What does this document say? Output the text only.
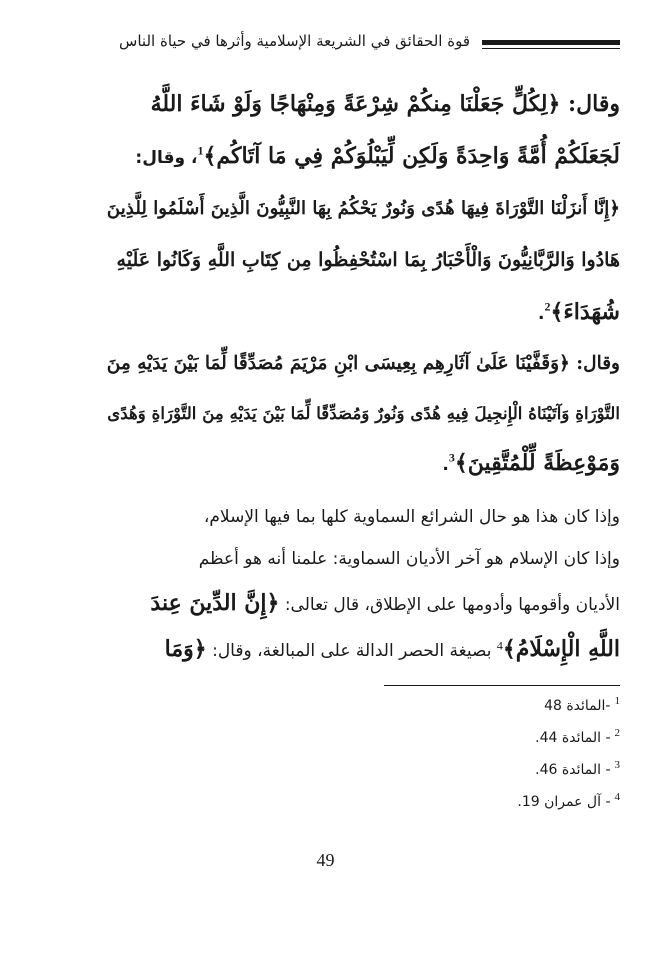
قوة الحقائق في الشريعة الإسلامية وأثرها في حياة الناس
وقال: ﴿لِكُلٍّ جَعَلْنَا مِنكُمْ شِرْعَةً وَمِنْهَاجًا وَلَوْ شَاءَ اللَّهُ
لَجَعَلَكُمْ أُمَّةً وَاحِدَةً وَلَكِن لِّيَبْلُوَكُمْ فِي مَا آتَاكُم﴾$^1$، وقال:
﴿إِنَّا أَنزَلْنَا التَّوْرَاةَ فِيهَا هُدًى وَنُورٌ يَحْكُمُ بِهَا النَّبِيُّونَ الَّذِينَ أَسْلَمُوا لِلَّذِينَ
هَادُوا وَالرَّبَّانِيُّونَ وَالْأَحْبَارُ بِمَا اسْتُحْفِظُوا مِن كِتَابِ اللَّهِ وَكَانُوا عَلَيْهِ
شُهَدَاءَ﴾$^2$.
وقال: ﴿وَقَفَّيْنَا عَلَىٰ آثَارِهِم بِعِيسَى ابْنِ مَرْيَمَ مُصَدِّقًا لِّمَا بَيْنَ يَدَيْهِ مِنَ
التَّوْرَاةِ وَآتَيْنَاهُ الْإِنجِيلَ فِيهِ هُدًى وَنُورٌ وَمُصَدِّقًا لِّمَا بَيْنَ يَدَيْهِ مِنَ التَّوْرَاةِ وَهُدًى
وَمَوْعِظَةً لِّلْمُتَّقِينَ﴾$^3$.
وإذا كان هذا هو حال الشرائع السماوية كلها بما فيها الإسلام،
وإذا كان الإسلام هو آخر الأديان السماوية: علمنا أنه هو أعظم
الأديان وأقومها وأدومها على الإطلاق، قال تعالى: ﴿إِنَّ الدِّينَ عِندَ
اللَّهِ الْإِسْلَامُ﴾$^4$ بصيغة الحصر الدالة على المبالغة، وقال: ﴿وَمَا
$^1$-المائدة 48
$^2$- المائدة 44.
$^3$- المائدة 46.
$^4$- آل عمران 19.
49
